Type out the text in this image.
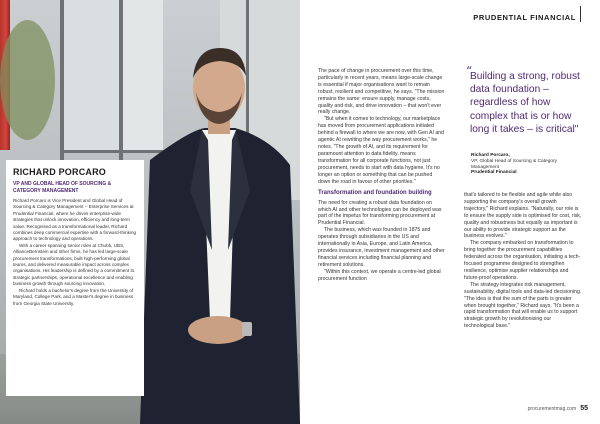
RICHARD PORCARO
VP AND GLOBAL HEAD OF SOURCING & CATEGORY MANAGEMENT

Richard Porcaro is Vice President and Global Head of Sourcing & Category Management – Enterprise Services at Prudential Financial, where he drives enterprise-wide strategies that unlock innovation, efficiency and long-term value. Recognised as a transformational leader, Richard combines deep commercial expertise with a forward-thinking approach to technology and operations.

With a career spanning senior roles at Chubb, UBS, AllianceBernstein and other firms, he has led large-scale procurement transformations, built high-performing global teams, and delivered measurable impact across complex organisations. His leadership is defined by a commitment to strategic partnerships, operational excellence and enabling business growth through sourcing innovation.

Richard holds a bachelor's degree from the University of Maryland, College Park, and a Master's degree in business from Georgia State University.

PRUDENTIAL FINANCIAL

The pace of change in procurement over this time, particularly in recent years, means large-scale change is essential if major organisations want to remain robust, resilient and competitive, he says. "The mission remains the same: ensure supply, manage costs, quality and risk, and drive innovation – that won't ever really change.

"But when it comes to technology, our marketplace has moved from procurement applications initiated behind a firewall to where we are now, with Gen AI and agentic AI rewriting the way procurement works," he notes. "The growth of AI, and its requirement for paramount attention to data fidelity, means transformation for all corporate functions, not just procurement, needs to start with data hygiene. It's no longer an option or something that can be pushed down the road in favour of other priorities."

Transformation and foundation building

The need for creating a robust data foundation on which AI and other technologies can be deployed was part of the impetus for transforming procurement at Prudential Financial.

The business, which was founded in 1875 and operates through subsidiaries in the US and internationally in Asia, Europe, and Latin America, provides insurance, investment management and other financial services including financial planning and retirement solutions.

"Within this context, we operate a centre-led global procurement function

“
Building a strong, robust data foundation – regardless of how complex that is or how long it takes – is critical"
Richard Porcaro,
VP, Global Head of Sourcing & Category Management
Prudential Financial

that's tailored to be flexible and agile while also supporting the company's overall growth trajectory," Richard explains. "Naturally, our role is to ensure the supply side is optimised for cost, risk, quality and robustness but equally as important is our ability to provide strategic support as the business evolves."

The company embarked on transformation to bring together the procurement capabilities federated across the organisation, initiating a tech-focused programme designed to strengthen resilience, optimise supplier relationships and future-proof operations.

The strategy integrates risk management, sustainability, digital tools and data-led decisioning. "The idea is that the sum of the parts is greater when brought together," Richard says. "It's been a rapid transformation that will enable us to support strategic growth by revolutionising our technological base."

procurementmag.com 55
